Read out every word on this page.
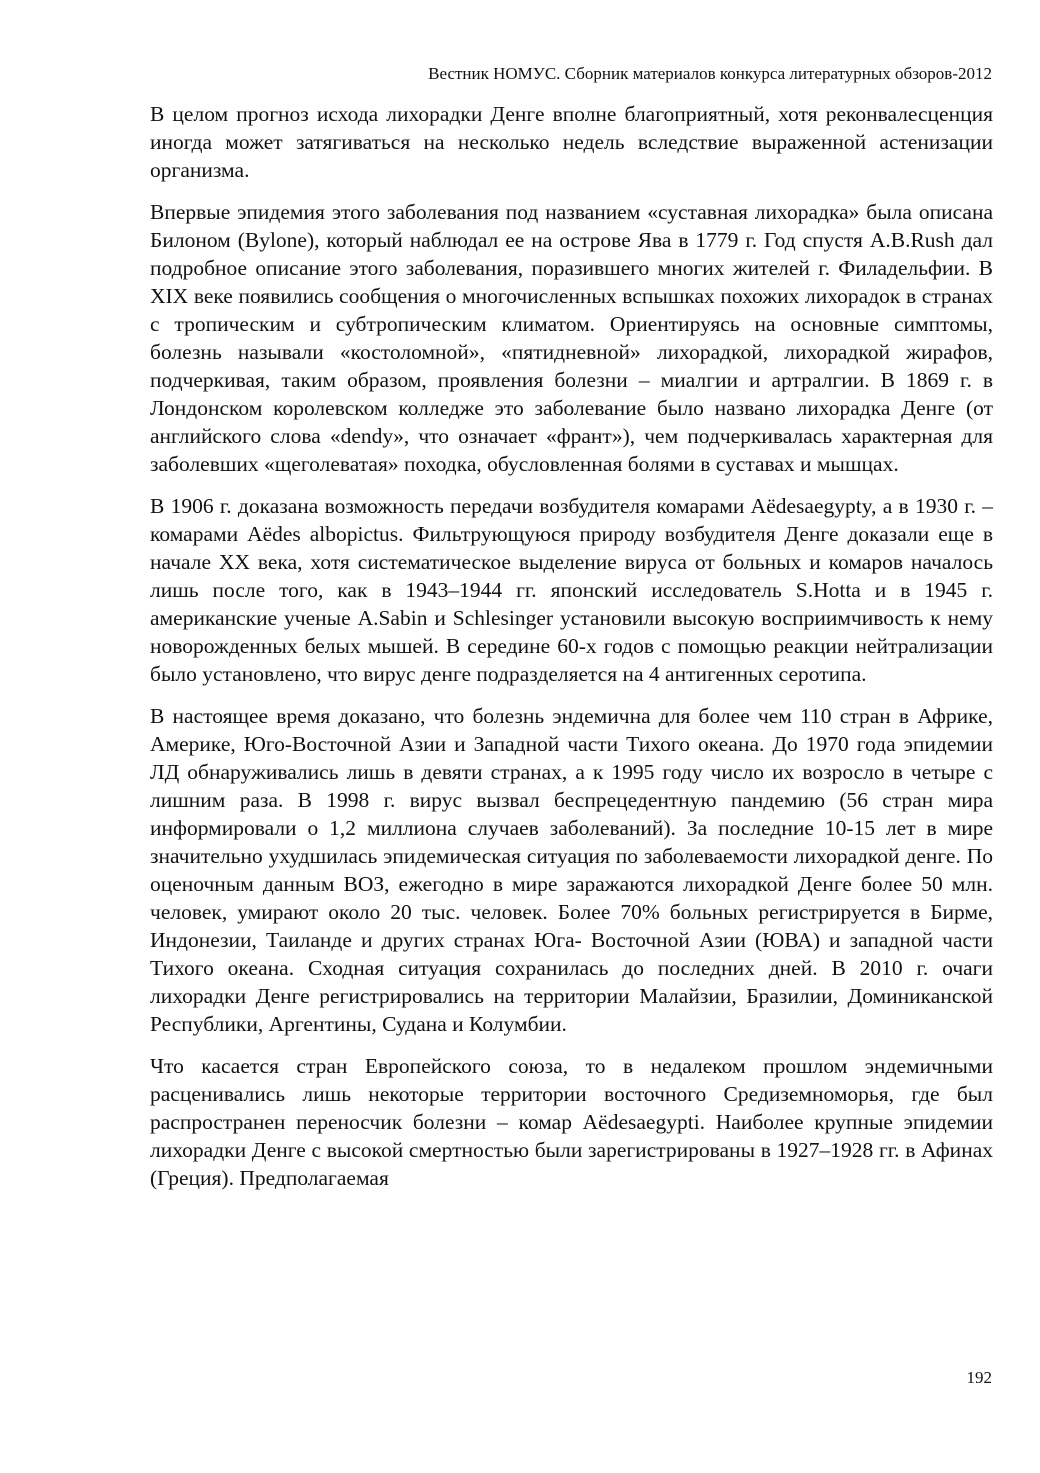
Вестник НОМУС. Сборник материалов конкурса литературных обзоров-2012

В целом прогноз исхода лихорадки Денге вполне благоприятный, хотя реконвалесценция иногда может затягиваться на несколько недель вследствие выраженной астенизации организма.

Впервые эпидемия этого заболевания под названием «суставная лихорадка» была описана Билоном (Bylone), который наблюдал ее на острове Ява в 1779 г. Год спустя A.B.Rush дал подробное описание этого заболевания, поразившего многих жителей г. Филадельфии. В XIX веке появились сообщения о многочисленных вспышках похожих лихорадок в странах с тропическим и субтропическим климатом. Ориентируясь на основные симптомы, болезнь называли «костоломной», «пятидневной» лихорадкой, лихорадкой жирафов, подчеркивая, таким образом, проявления болезни – миалгии и артралгии. В 1869 г. в Лондонском королевском колледже это заболевание было названо лихорадка Денге (от английского слова «dendy», что означает «франт»), чем подчеркивалась характерная для заболевших «щеголеватая» походка, обусловленная болями в суставах и мышцах.

В 1906 г. доказана возможность передачи возбудителя комарами Aёdesaegypty, а в 1930 г. – комарами Aёdes albopictus. Фильтрующуюся природу возбудителя Денге доказали еще в начале XX века, хотя систематическое выделение вируса от больных и комаров началось лишь после того, как в 1943–1944 гг. японский исследователь S.Hotta и в 1945 г. американские ученые A.Sabin и Schlesinger установили высокую восприимчивость к нему новорожденных белых мышей. В середине 60-х годов с помощью реакции нейтрализации было установлено, что вирус денге подразделяется на 4 антигенных серотипа.

В настоящее время доказано, что болезнь эндемична для более чем 110 стран в Африке, Америке, Юго-Восточной Азии и Западной части Тихого океана. До 1970 года эпидемии ЛД обнаруживались лишь в девяти странах, а к 1995 году число их возросло в четыре с лишним раза. В 1998 г. вирус вызвал беспрецедентную пандемию (56 стран мира информировали о 1,2 миллиона случаев заболеваний). За последние 10-15 лет в мире значительно ухудшилась эпидемическая ситуация по заболеваемости лихорадкой денге. По оценочным данным ВОЗ, ежегодно в мире заражаются лихорадкой Денге более 50 млн. человек, умирают около 20 тыс. человек. Более 70% больных регистрируется в Бирме, Индонезии, Таиланде и других странах Юга- Восточной Азии (ЮВА) и западной части Тихого океана. Сходная ситуация сохранилась до последних дней. В 2010 г. очаги лихорадки Денге регистрировались на территории Малайзии, Бразилии, Доминиканской Республики, Аргентины, Судана и Колумбии.

Что касается стран Европейского союза, то в недалеком прошлом эндемичными расценивались лишь некоторые территории восточного Средиземноморья, где был распространен переносчик болезни – комар Aёdesaegypti. Наиболее крупные эпидемии лихорадки Денге с высокой смертностью были зарегистрированы в 1927–1928 гг. в Афинах (Греция). Предполагаемая

192
